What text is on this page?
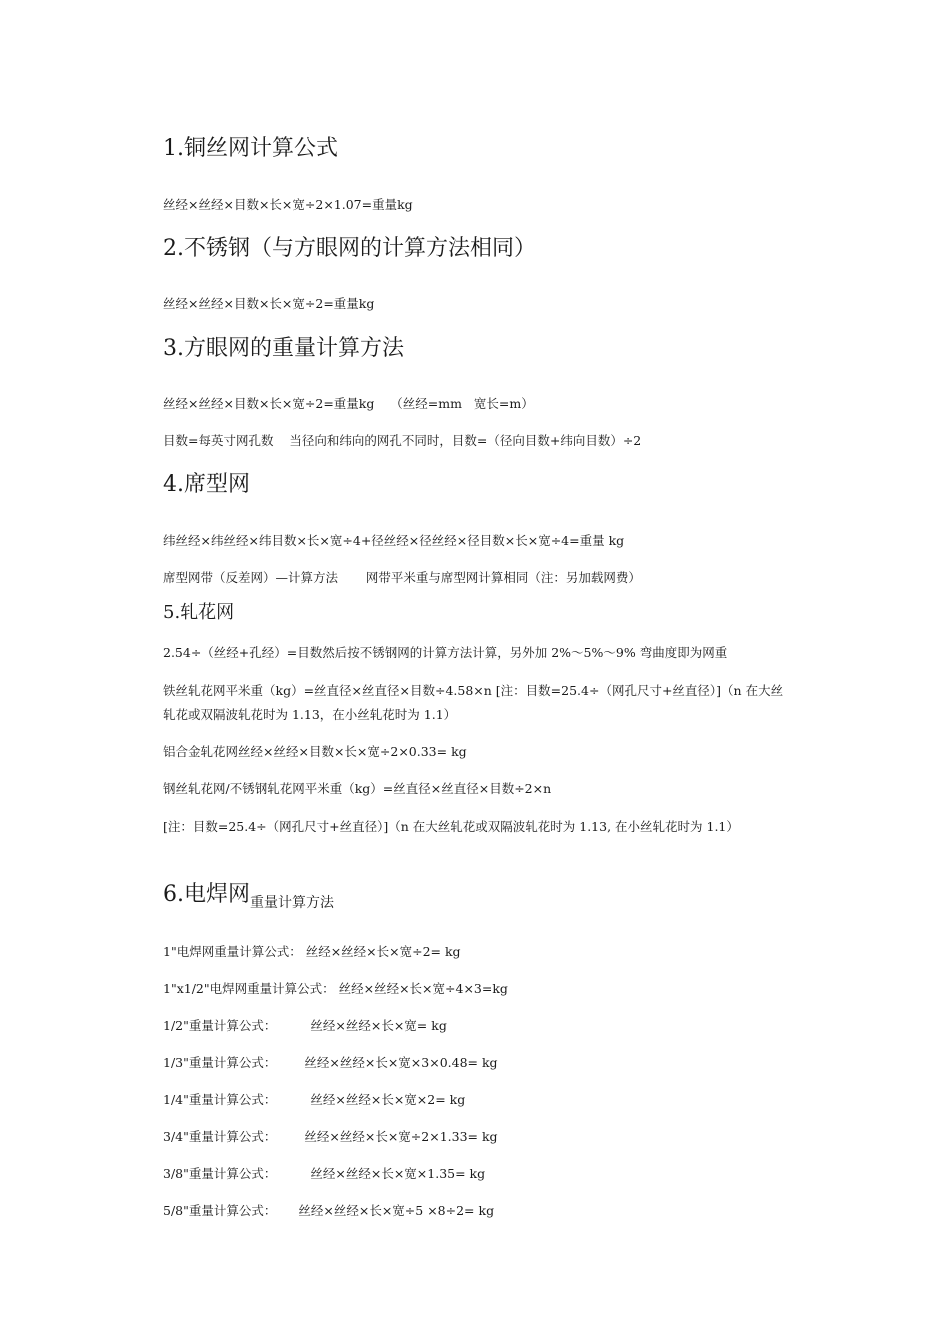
1.铜丝网计算公式
丝经×丝经×目数×长×宽÷2×1.07=重量kg
2.不锈钢（与方眼网的计算方法相同）
丝经×丝经×目数×长×宽÷2=重量kg
3.方眼网的重量计算方法
丝经×丝经×目数×长×宽÷2=重量kg    （丝经=mm   宽长=m）
目数=每英寸网孔数    当径向和纬向的网孔不同时，目数=（径向目数+纬向目数）÷2
4.席型网
纬丝经×纬丝经×纬目数×长×宽÷4+径丝经×径丝经×径目数×长×宽÷4=重量 kg
席型网带（反差网）—计算方法       网带平米重与席型网计算相同（注：另加载网费）
5.轧花网
2.54÷（丝经+孔经）=目数然后按不锈钢网的计算方法计算，另外加 2%～5%～9% 弯曲度即为网重
铁丝轧花网平米重（kg）=丝直径×丝直径×目数÷4.58×n [注：目数=25.4÷（网孔尺寸+丝直径）]（n 在大丝轧花或双隔波轧花时为 1.13，在小丝轧花时为 1.1）
铝合金轧花网丝经×丝经×目数×长×宽÷2×0.33= kg
钢丝轧花网/不锈钢轧花网平米重（kg）=丝直径×丝直径×目数÷2×n
[注：目数=25.4÷（网孔尺寸+丝直径）]（n 在大丝轧花或双隔波轧花时为 1.13, 在小丝轧花时为 1.1）
6.电焊网$_{重量计算方法}$
1"电焊网重量计算公式： 丝经×丝经×长×宽÷2= kg
1"x1/2"电焊网重量计算公式： 丝经×丝经×长×宽÷4×3=kg
1/2"重量计算公式：	丝经×丝经×长×宽= kg
1/3"重量计算公式： 丝经×丝经×长×宽×3×0.48= kg
1/4"重量计算公式：	丝经×丝经×长×宽×2= kg
3/4"重量计算公式： 丝经×丝经×长×宽÷2×1.33= kg
3/8"重量计算公式：	丝经×丝经×长×宽×1.35= kg
5/8"重量计算公式： 丝经×丝经×长×宽÷5 ×8÷2= kg
